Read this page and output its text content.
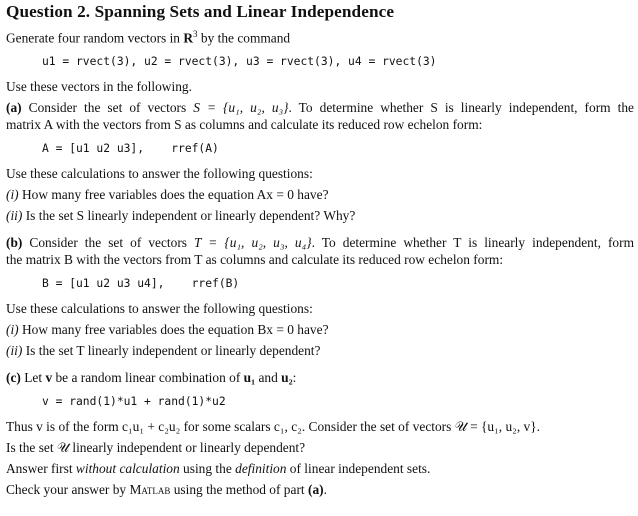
Question 2. Spanning Sets and Linear Independence
Generate four random vectors in $R^3$ by the command
u1 = rvect(3), u2 = rvect(3), u3 = rvect(3), u4 = rvect(3)
Use these vectors in the following.
(a) Consider the set of vectors S = {u₁, u₂, u₃}. To determine whether S is linearly independent, form the
matrix A with the vectors from S as columns and calculate its reduced row echelon form:
A = [u1 u2 u3],    rref(A)
Use these calculations to answer the following questions:
(i) How many free variables does the equation Ax = 0 have?
(ii) Is the set S linearly independent or linearly dependent? Why?
(b) Consider the set of vectors T = {u₁, u₂, u₃, u₄}. To determine whether T is linearly independent, form
the matrix B with the vectors from T as columns and calculate its reduced row echelon form:
B = [u1 u2 u3 u4],    rref(B)
Use these calculations to answer the following questions:
(i) How many free variables does the equation Bx = 0 have?
(ii) Is the set T linearly independent or linearly dependent?
(c) Let v be a random linear combination of u₁ and u₂:
v = rand(1)*u1 + rand(1)*u2
Thus v is of the form c₁u₁ + c₂u₂ for some scalars c₁, c₂. Consider the set of vectors 𝒰 = {u₁, u₂, v}.
Is the set 𝒰 linearly independent or linearly dependent?
Answer first without calculation using the definition of linear independent sets.
Check your answer by Matlab using the method of part (a).
